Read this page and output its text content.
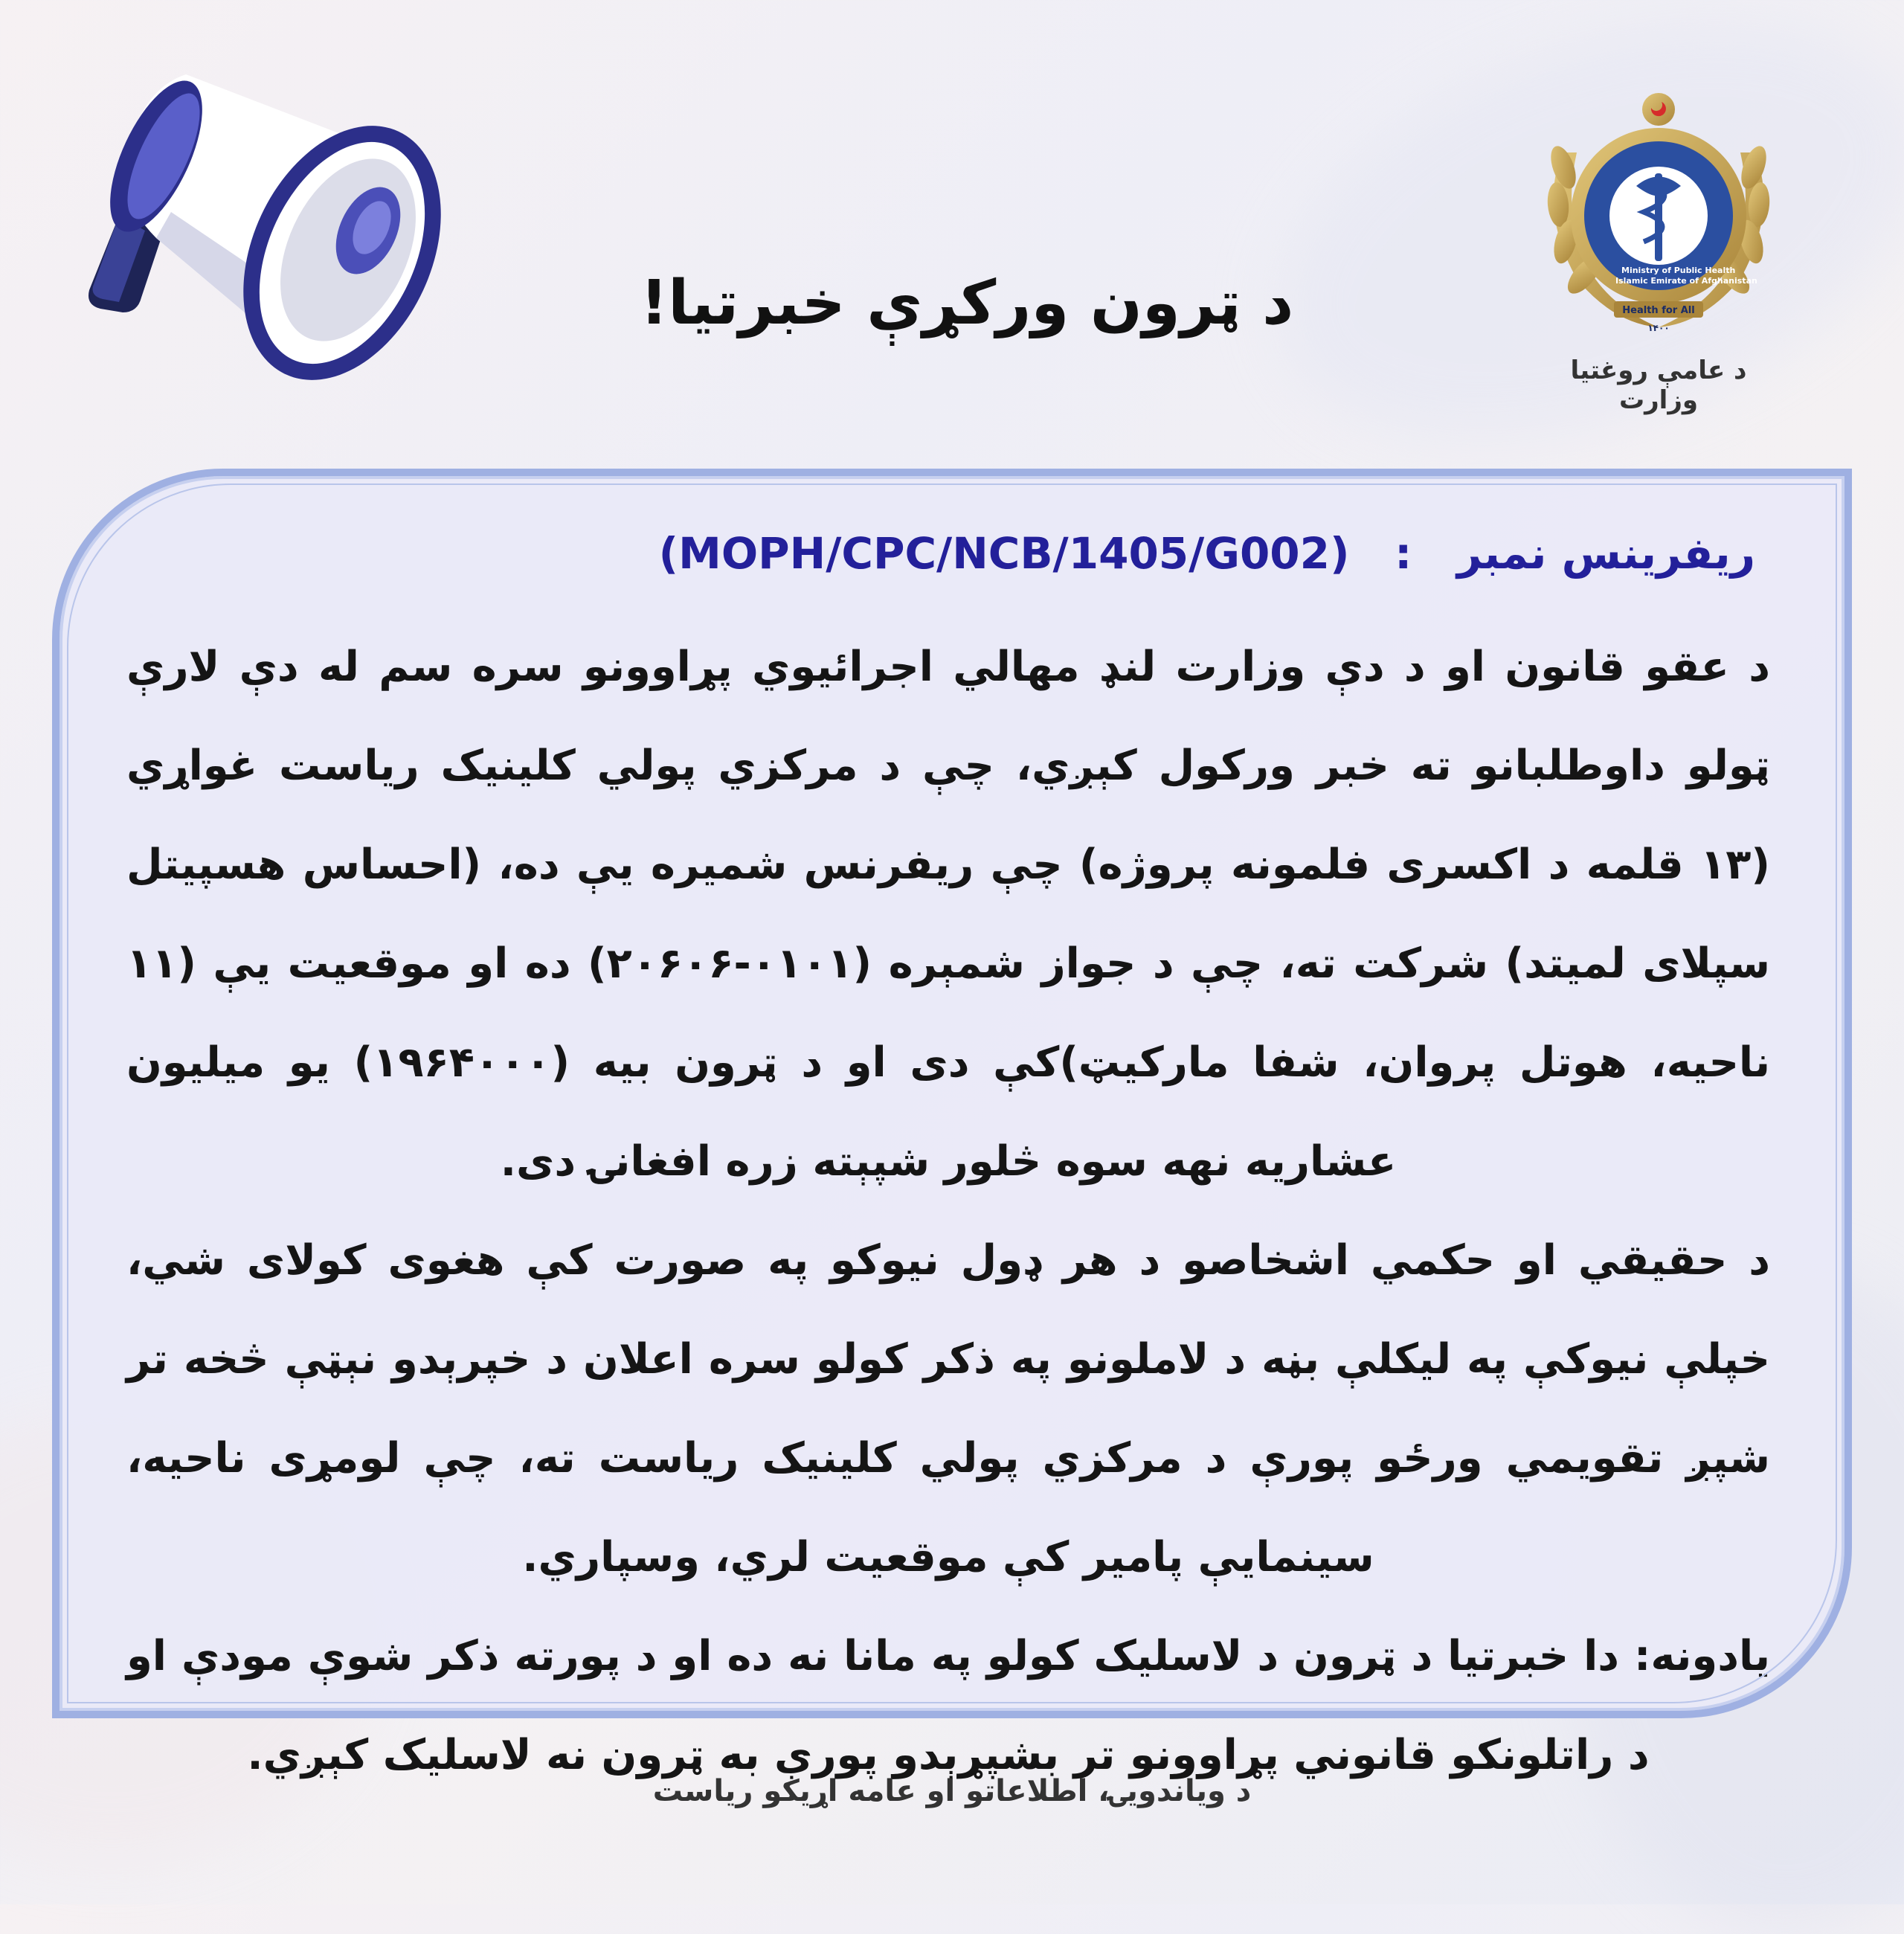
Ministry of Public Health
Islamic Emirate of Afghanistan
Health for All
۱۴۰۰
د عامې روغتیا وزارت
د ټرون ورکړې خبرتیا!
ریفرینس نمبر   :   (MOPH/CPC/NCB/1405/G002)

د عقو قانون او د دې وزارت لنډ مهالي اجرائیوي پړاوونو سره سم له دې لارې ټولو داوطلبانو ته خبر ورکول کېږي، چې د مرکزي پولي کلینیک ریاست غواړي (۱۳ قلمه د اکسری فلمونه پروژه) چې ریفرنس شمیره یې ده، (احساس هسپیتل سپلای لمیتد) شرکت ته، چې د جواز شمېره (۰۱۰۱-۲۰۶۰۶) ده او موقعیت یې (۱۱ ناحیه، هوتل پروان، شفا مارکیټ)کې دی او د ټرون بیه (۱۹۶۴۰۰۰) یو میلیون عشاریه نهه سوه څلور شپېته زره افغانۍ دی.

د حقیقي او حکمي اشخاصو د هر ډول نیوکو په صورت کې هغوی کولای شي، خپلې نیوکې په لیکلې بڼه د لاملونو په ذکر کولو سره اعلان د خپرېدو نېټې څخه تر شپږ تقویمي ورځو پورې د مرکزي پولي کلینیک ریاست ته، چې لومړی ناحیه، سینمایې پامیر کې موقعیت لري، وسپاري.

یادونه: دا خبرتیا د ټرون د لاسلیک کولو په مانا نه ده او د پورته ذکر شوې مودې او د راتلونکو قانوني پړاوونو تر بشپړېدو پورې به ټرون نه لاسلیک کېږي.

د ویاندویۍ، اطلاعاتو او عامه اړیکو ریاست
